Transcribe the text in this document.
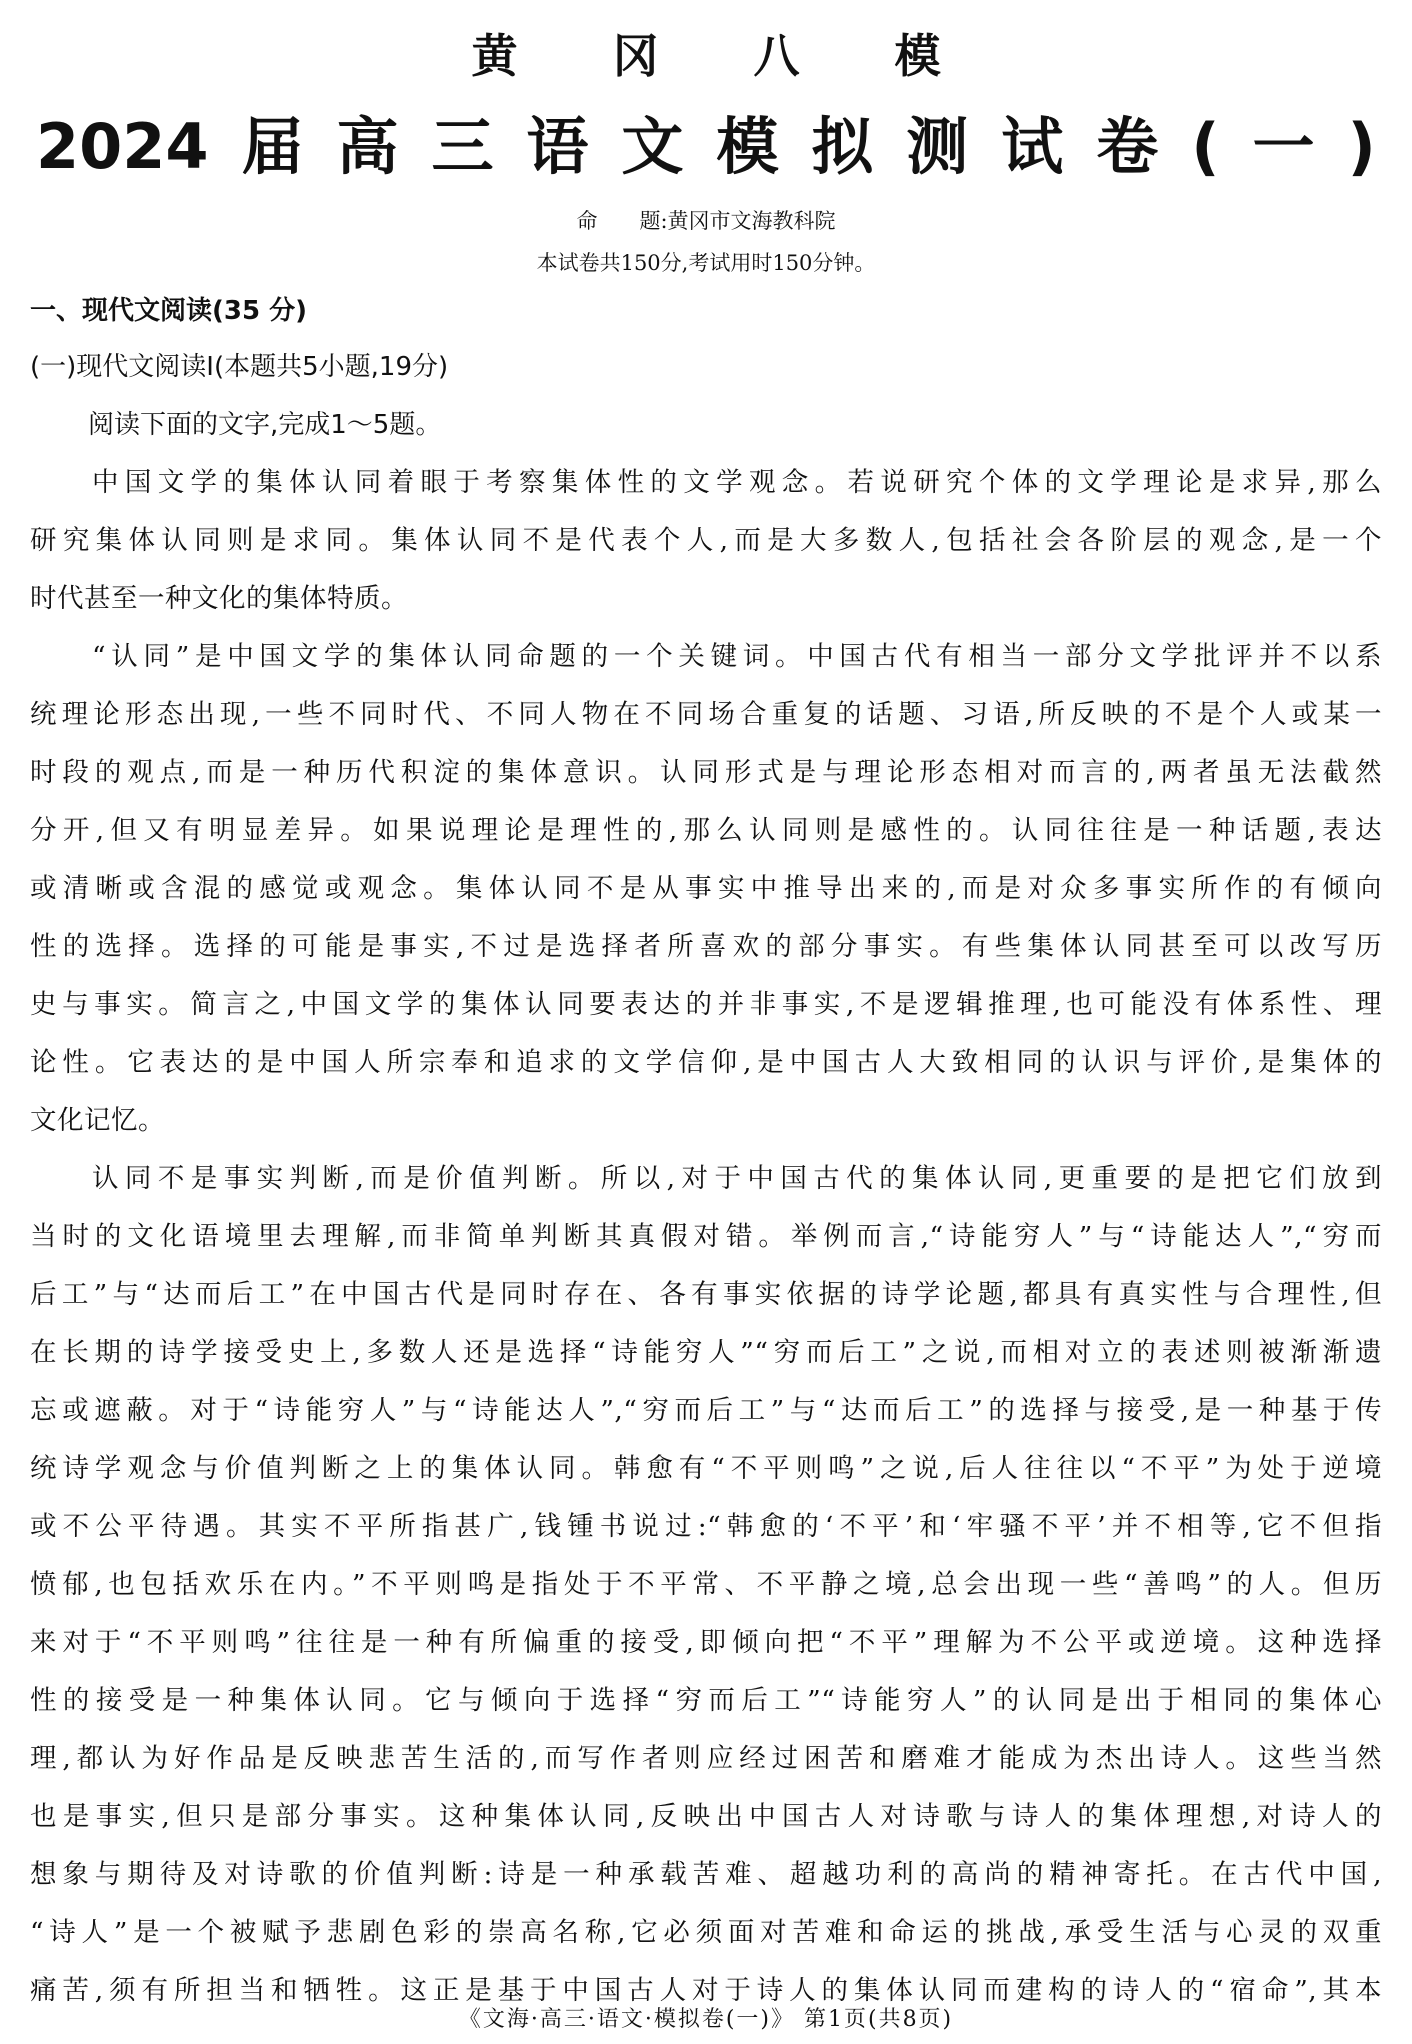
黄冈八模
2024 届 高 三 语 文 模 拟 测 试 卷 ( 一 )
命　　题:黄冈市文海教科院
本试卷共150分,考试用时150分钟。
一、现代文阅读(35 分)
(一)现代文阅读Ⅰ(本题共5小题,19分)
阅读下面的文字,完成1～5题。
中国文学的集体认同着眼于考察集体性的文学观念。若说研究个体的文学理论是求异,那么
研究集体认同则是求同。集体认同不是代表个人,而是大多数人,包括社会各阶层的观念,是一个
时代甚至一种文化的集体特质。
“认同”是中国文学的集体认同命题的一个关键词。中国古代有相当一部分文学批评并不以系
统理论形态出现,一些不同时代、不同人物在不同场合重复的话题、习语,所反映的不是个人或某一
时段的观点,而是一种历代积淀的集体意识。认同形式是与理论形态相对而言的,两者虽无法截然
分开,但又有明显差异。如果说理论是理性的,那么认同则是感性的。认同往往是一种话题,表达
或清晰或含混的感觉或观念。集体认同不是从事实中推导出来的,而是对众多事实所作的有倾向
性的选择。选择的可能是事实,不过是选择者所喜欢的部分事实。有些集体认同甚至可以改写历
史与事实。简言之,中国文学的集体认同要表达的并非事实,不是逻辑推理,也可能没有体系性、理
论性。它表达的是中国人所宗奉和追求的文学信仰,是中国古人大致相同的认识与评价,是集体的
文化记忆。
认同不是事实判断,而是价值判断。所以,对于中国古代的集体认同,更重要的是把它们放到
当时的文化语境里去理解,而非简单判断其真假对错。举例而言,“诗能穷人”与“诗能达人”,“穷而
后工”与“达而后工”在中国古代是同时存在、各有事实依据的诗学论题,都具有真实性与合理性,但
在长期的诗学接受史上,多数人还是选择“诗能穷人”“穷而后工”之说,而相对立的表述则被渐渐遗
忘或遮蔽。对于“诗能穷人”与“诗能达人”,“穷而后工”与“达而后工”的选择与接受,是一种基于传
统诗学观念与价值判断之上的集体认同。韩愈有“不平则鸣”之说,后人往往以“不平”为处于逆境
或不公平待遇。其实不平所指甚广,钱锺书说过:“韩愈的‘不平’和‘牢骚不平’并不相等,它不但指
愤郁,也包括欢乐在内。”不平则鸣是指处于不平常、不平静之境,总会出现一些“善鸣”的人。但历
来对于“不平则鸣”往往是一种有所偏重的接受,即倾向把“不平”理解为不公平或逆境。这种选择
性的接受是一种集体认同。它与倾向于选择“穷而后工”“诗能穷人”的认同是出于相同的集体心
理,都认为好作品是反映悲苦生活的,而写作者则应经过困苦和磨难才能成为杰出诗人。这些当然
也是事实,但只是部分事实。这种集体认同,反映出中国古人对诗歌与诗人的集体理想,对诗人的
想象与期待及对诗歌的价值判断:诗是一种承载苦难、超越功利的高尚的精神寄托。在古代中国,
“诗人”是一个被赋予悲剧色彩的崇高名称,它必须面对苦难和命运的挑战,承受生活与心灵的双重
痛苦,须有所担当和牺牲。这正是基于中国古人对于诗人的集体认同而建构的诗人的“宿命”,其本
《文海·高三·语文·模拟卷(一)》 第1页(共8页)
